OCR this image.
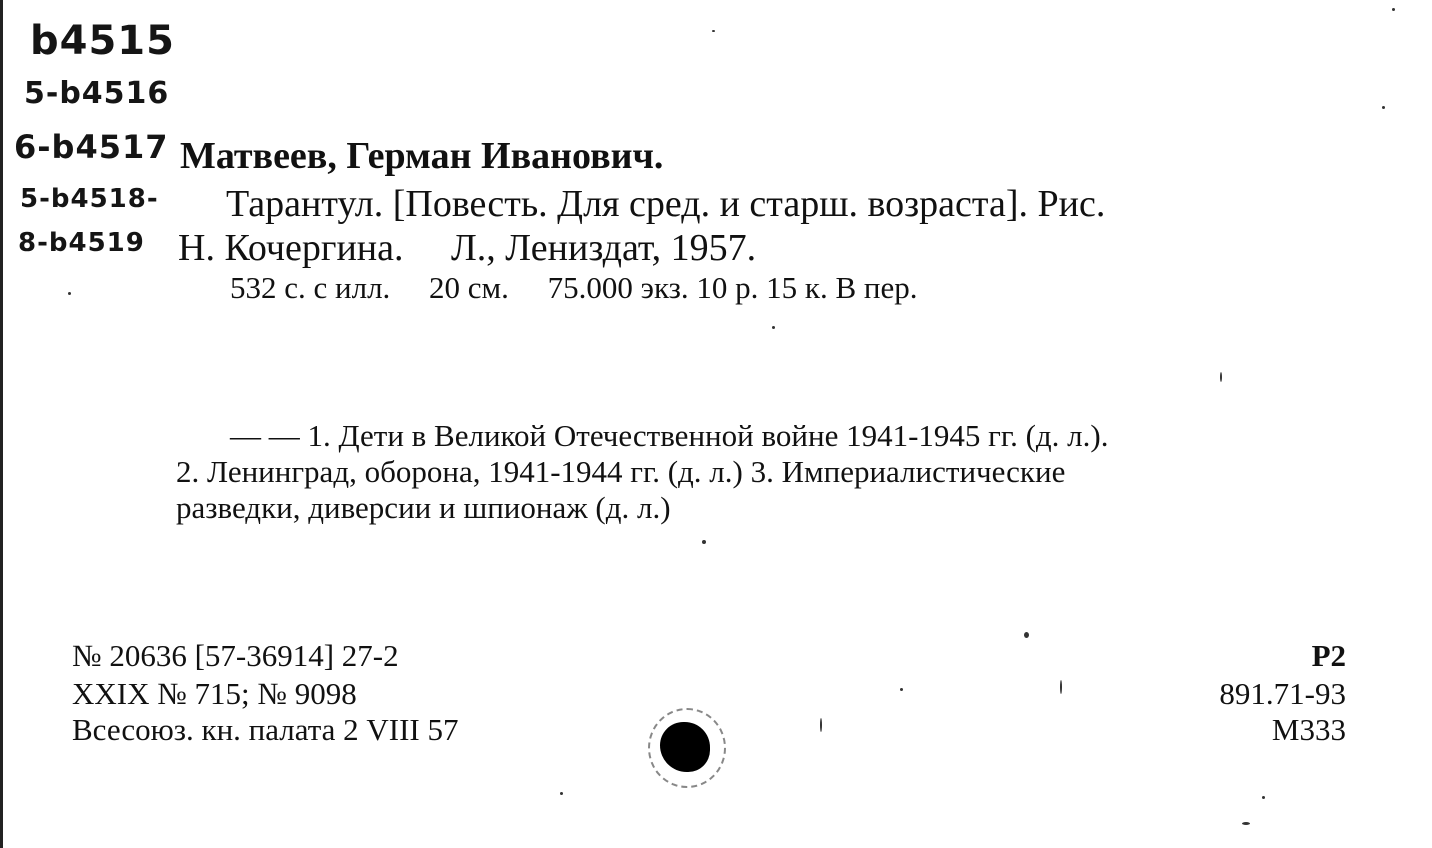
b4515
5-b4516
6-b4517
5-b4518-
8-b4519
Матвеев, Герман Иванович.
Тарантул. [Повесть. Для сред. и старш. возраста]. Рис.
Н. Кочергина.     Л., Лениздат, 1957.
532 с. с илл.     20 см.     75.000 экз. 10 р. 15 к. В пер.
— — 1. Дети в Великой Отечественной войне 1941-1945 гг. (д. л.).
2. Ленинград, оборона, 1941-1944 гг. (д. л.) 3. Империалистические
разведки, диверсии и шпионаж (д. л.)
№ 20636 [57-36914] 27-2
XXIX № 715; № 9098
Всесоюз. кн. палата 2 VIII 57
Р2
891.71-93
М333
